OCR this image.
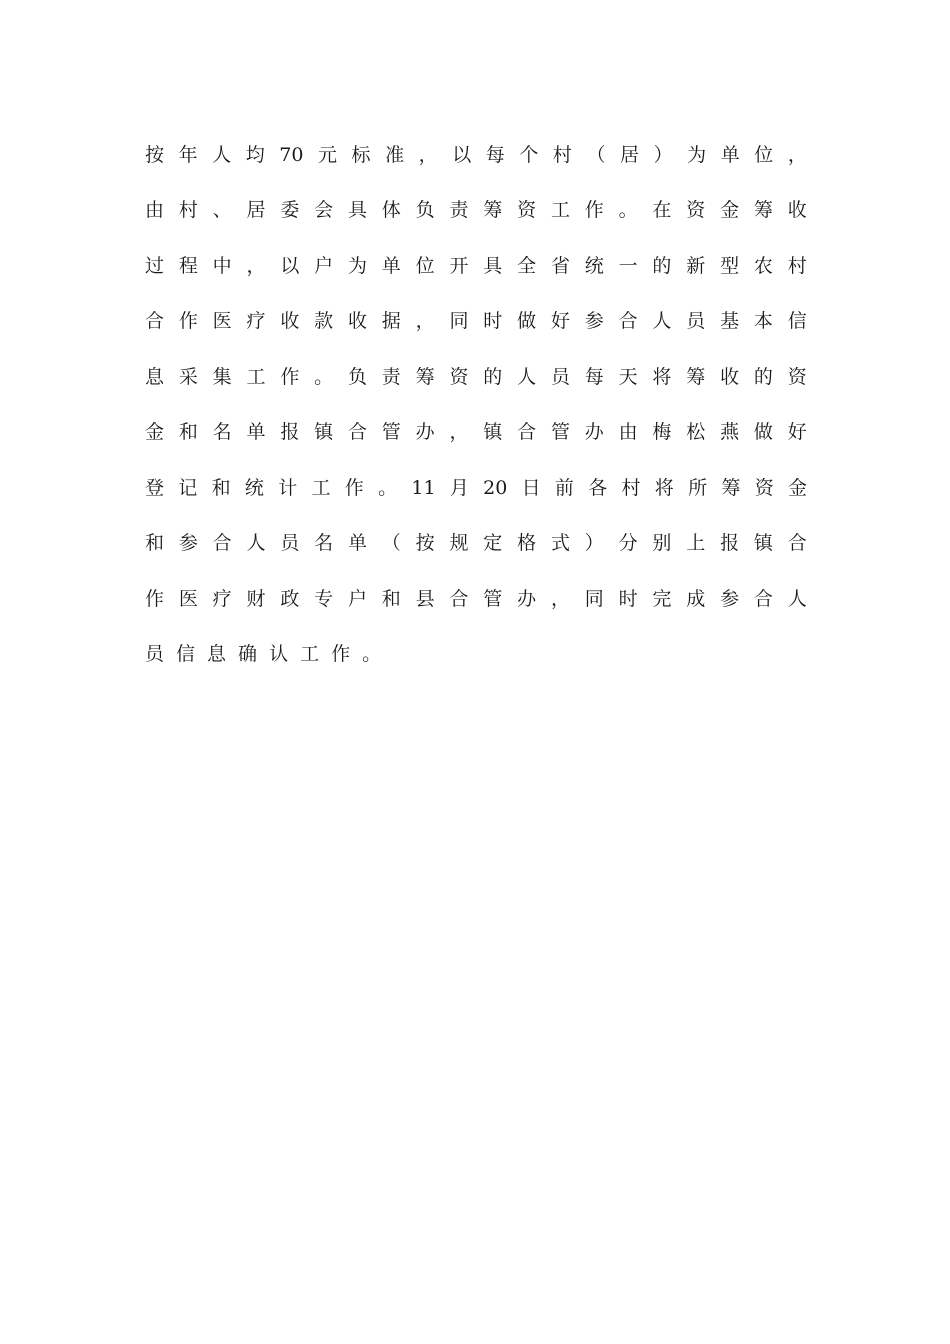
按 年 人 均 70 元 标 准 ， 以 每 个 村 （ 居 ） 为 单 位 ，
由 村 、 居 委 会 具 体 负 责 筹 资 工 作 。 在 资 金 筹 收
过 程 中 ， 以 户 为 单 位 开 具 全 省 统 一 的 新 型 农 村
合 作 医 疗 收 款 收 据 ， 同 时 做 好 参 合 人 员 基 本 信
息 采 集 工 作 。 负 责 筹 资 的 人 员 每 天 将 筹 收 的 资
金 和 名 单 报 镇 合 管 办 ， 镇 合 管 办 由 梅 松 燕 做 好
登 记 和 统 计 工 作 。 11 月 20 日 前 各 村 将 所 筹 资 金
和 参 合 人 员 名 单 （ 按 规 定 格 式 ） 分 别 上 报 镇 合
作 医 疗 财 政 专 户 和 县 合 管 办 ， 同 时 完 成 参 合 人
员 信 息 确 认 工 作 。
